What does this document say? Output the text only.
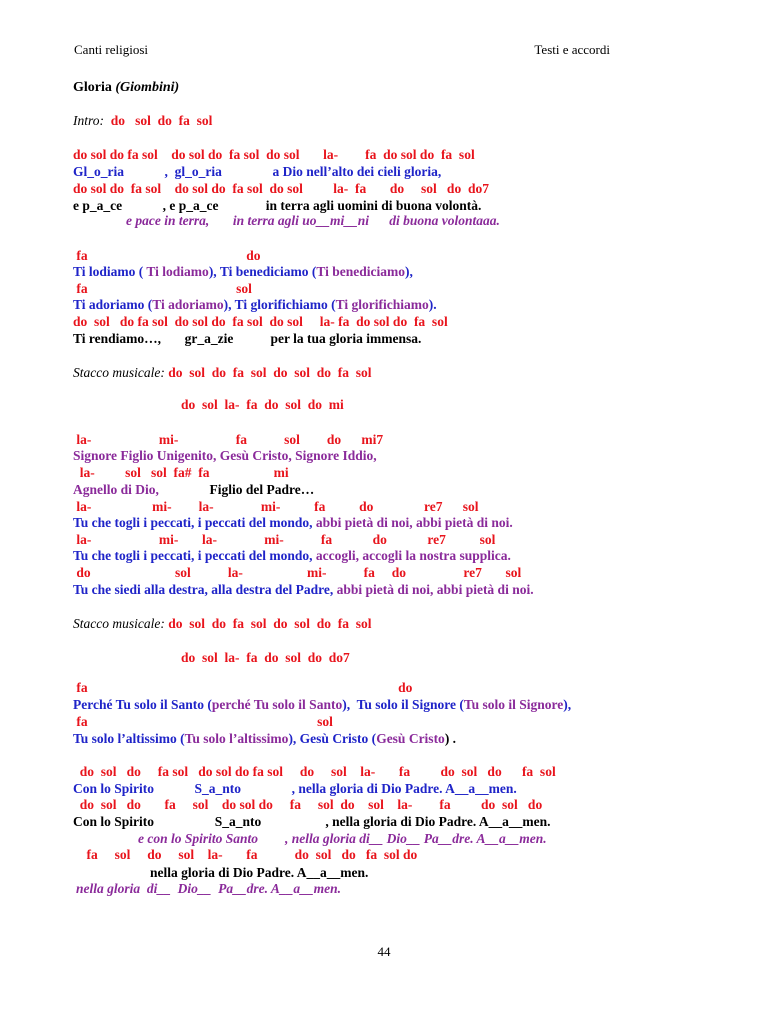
Canti religiosi	Testi e accordi
Gloria (Giombini)
Intro:  do   sol  do  fa  sol
do sol do fa sol    do sol do  fa sol  do sol       la-        fa  do sol do  fa  sol
Gl_o_ria            ,  gl_o_ria               a Dio nell’alto dei cieli gloria,
do sol do  fa sol    do sol do  fa sol  do sol         la-  fa       do     sol   do  do7
e p_a_ce            , e p_a_ce              in terra agli uomini di buona volontà.
e pace in terra,       in terra agli uo__mi__ni      di buona volontaaa.
fa                                               do
Ti lodiamo ( Ti lodiamo), Ti benediciamo (Ti benediciamo),
fa                                            sol
Ti adoriamo (Ti adoriamo), Ti glorifichiamo (Ti glorifichiamo).
do  sol   do fa sol  do sol do  fa sol  do sol     la- fa  do sol do  fa  sol
Ti rendiamo…,       gr_a_zie           per la tua gloria immensa.
Stacco musicale: do  sol  do  fa  sol  do  sol  do  fa  sol
do  sol  la-  fa  do  sol  do  mi
la-                    mi-                 fa           sol        do      mi7
Signore Figlio Unigenito, Gesù Cristo, Signore Iddio,
la-         sol   sol  fa#  fa                   mi
Agnello di Dio,               Figlio del Padre…
la-                  mi-        la-              mi-          fa          do               re7      sol
Tu che togli i peccati, i peccati del mondo, abbi pietà di noi, abbi pietà di noi.
la-                    mi-       la-              mi-           fa            do            re7          sol
Tu che togli i peccati, i peccati del mondo, accogli, accogli la nostra supplica.
do                         sol           la-                   mi-           fa     do                 re7       sol
Tu che siedi alla destra, alla destra del Padre, abbi pietà di noi, abbi pietà di noi.
Stacco musicale: do  sol  do  fa  sol  do  sol  do  fa  sol
do  sol  la-  fa  do  sol  do  do7
fa                                                                                            do
Perché Tu solo il Santo (perché Tu solo il Santo),  Tu solo il Signore (Tu solo il Signore),
fa                                                                    sol
Tu solo l’altissimo (Tu solo l’altissimo), Gesù Cristo (Gesù Cristo) .
do  sol   do     fa sol   do sol do fa sol     do     sol    la-       fa         do  sol   do      fa  sol
Con lo Spirito            S_a_nto               , nella gloria di Dio Padre. A__a__men.
do  sol   do       fa     sol    do sol do     fa     sol  do    sol    la-        fa         do  sol   do
Con lo Spirito                  S_a_nto                   , nella gloria di Dio Padre. A__a__men.
e con lo Spirito Santo        , nella gloria di__ Dio__ Pa__dre. A__a__men.
fa     sol     do     sol    la-       fa           do  sol   do   fa  sol do
nella gloria di Dio Padre. A__a__men.
nella gloria  di__  Dio__  Pa__dre. A__a__men.
44
